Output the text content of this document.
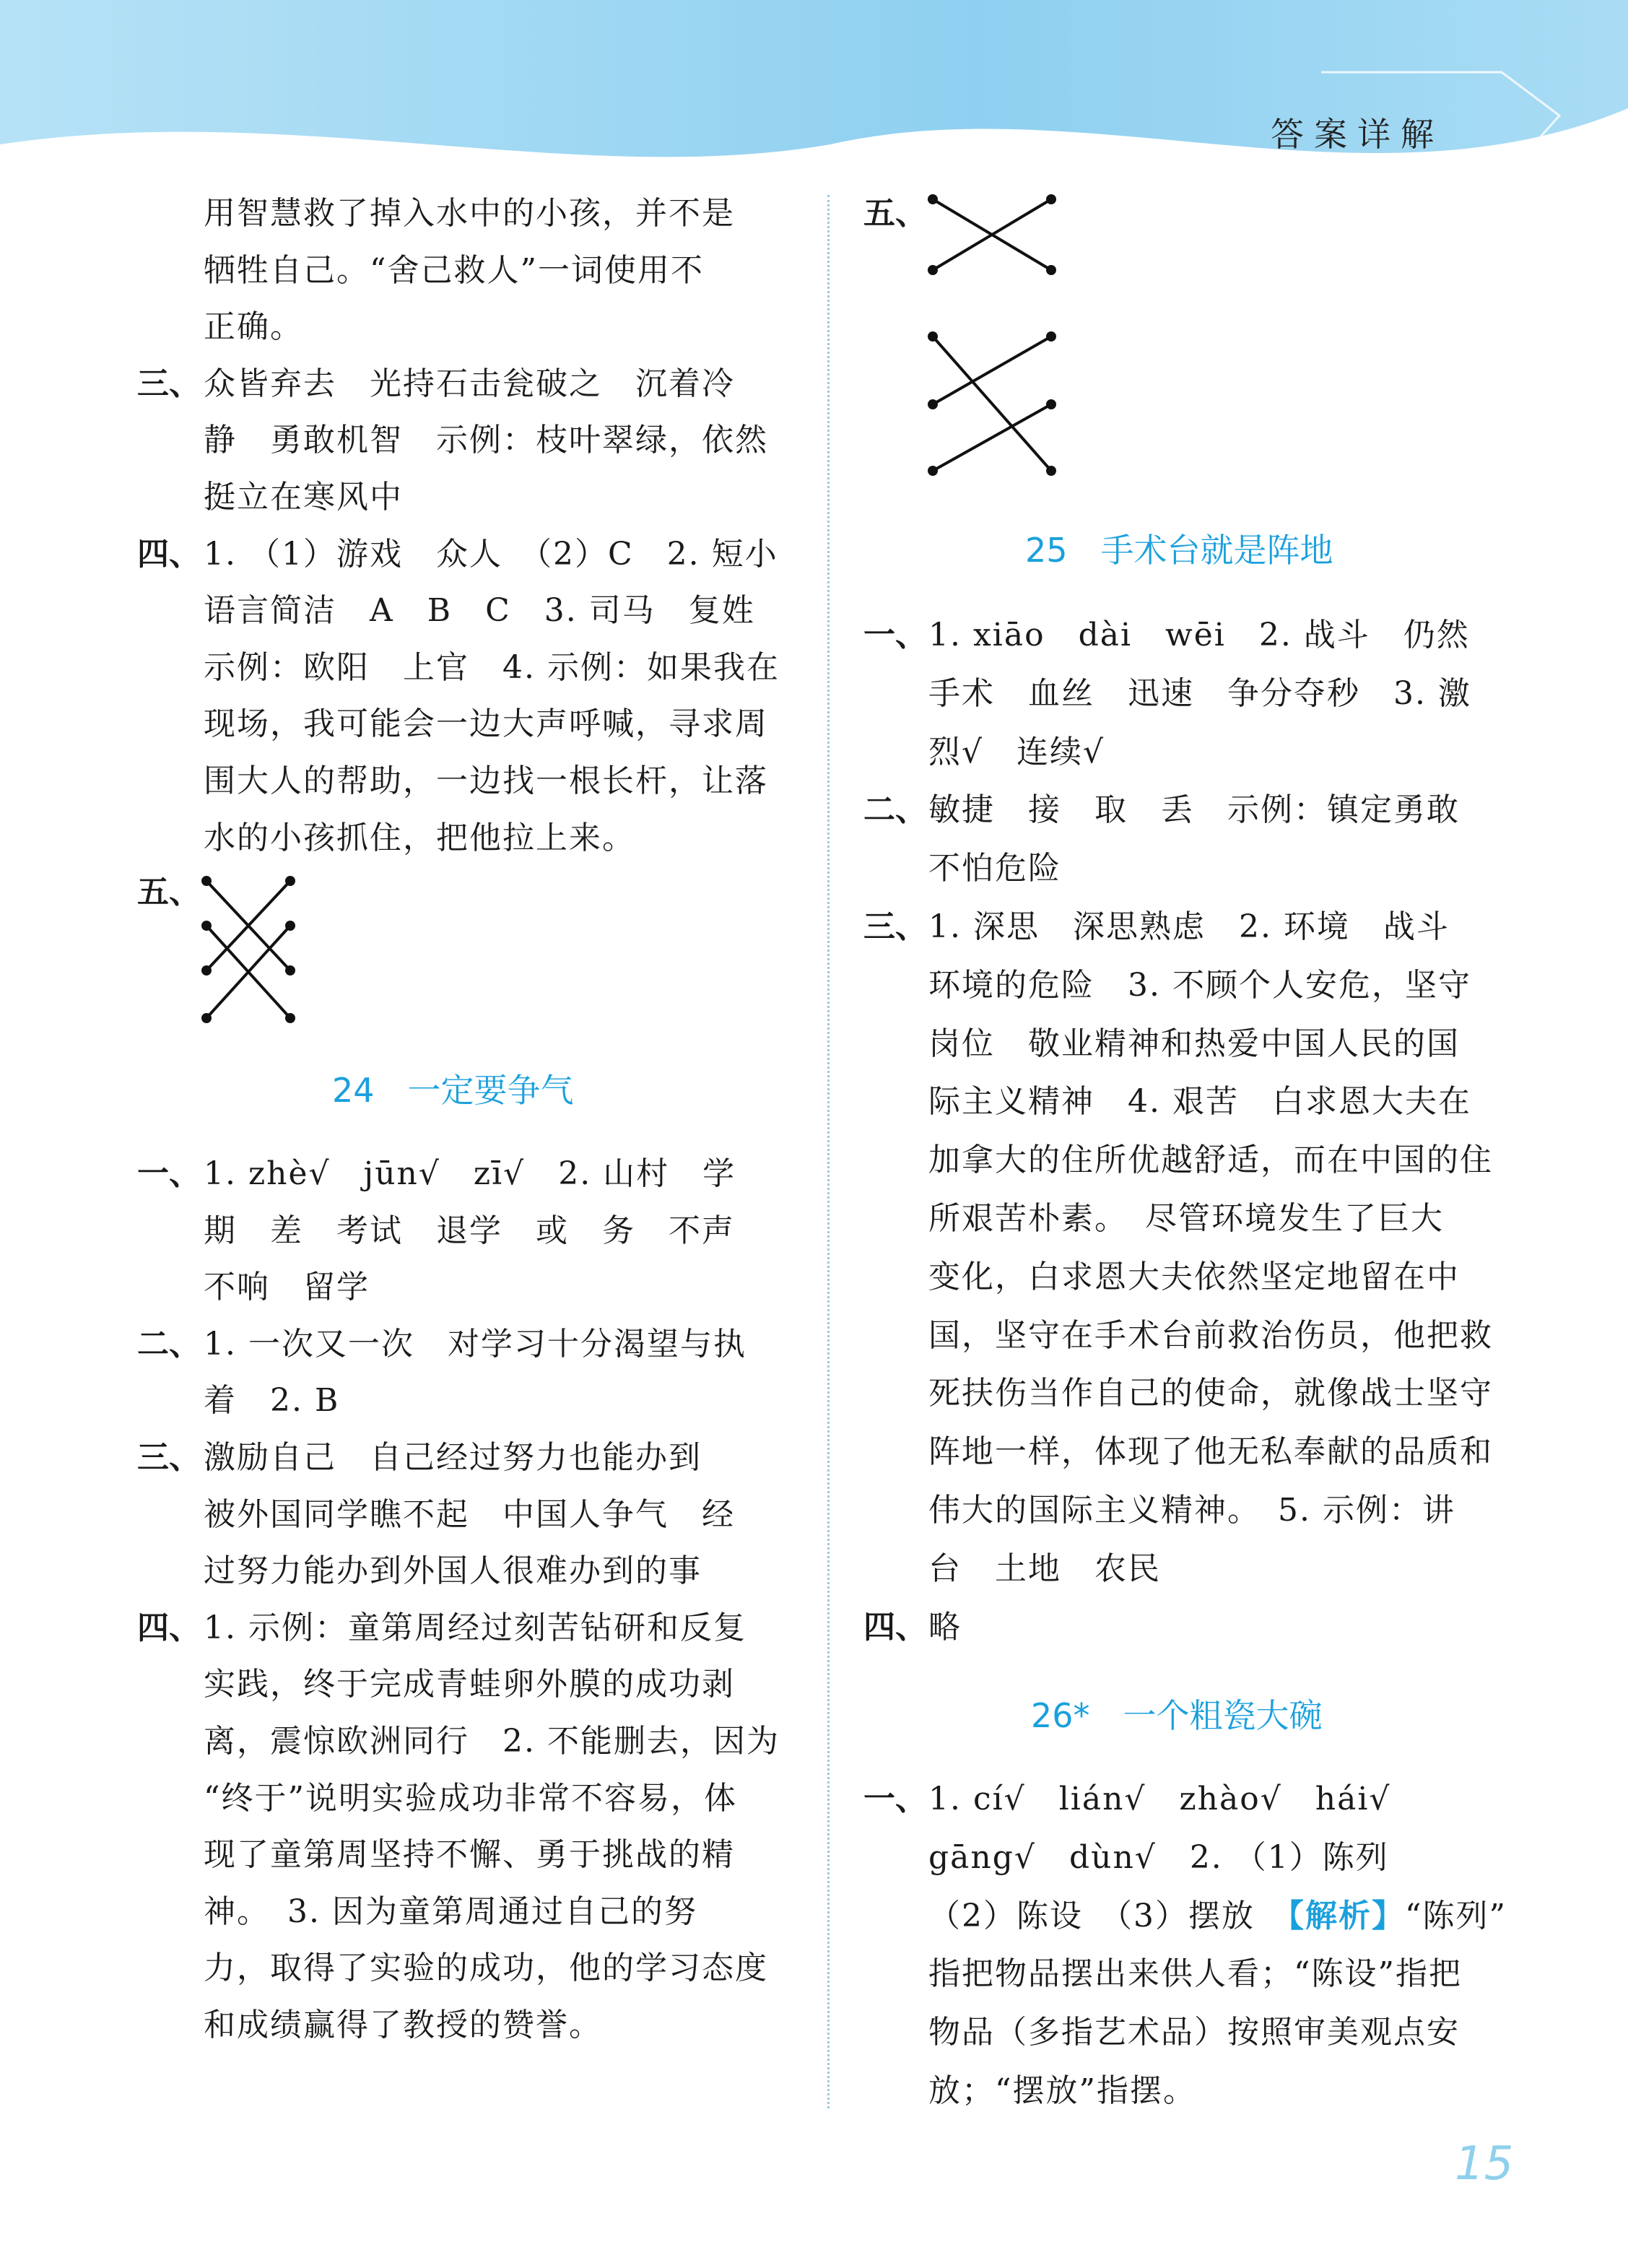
答案详解
用智慧救了掉入水中的小孩，并不是
牺牲自己。“舍己救人”一词使用不
正确。
三、 众皆弃去　光持石击瓮破之　沉着冷
静　勇敢机智　示例：枝叶翠绿，依然
挺立在寒风中
四、 1. （1）游戏　众人　（2）C　2. 短小
语言简洁　A　B　C　3. 司马　复姓
示例：欧阳　上官　4. 示例：如果我在
现场，我可能会一边大声呼喊，寻求周
围大人的帮助，一边找一根长杆，让落
水的小孩抓住，把他拉上来。
五、
24　一定要争气
一、 1. zhè√　jūn√　zī√　2. 山村　学
期　差　考试　退学　或　务　不声
不响　留学
二、 1. 一次又一次　对学习十分渴望与执
着　2. B
三、 激励自己　自己经过努力也能办到
被外国同学瞧不起　中国人争气　经
过努力能办到外国人很难办到的事
四、 1. 示例：童第周经过刻苦钻研和反复
实践，终于完成青蛙卵外膜的成功剥
离，震惊欧洲同行　2. 不能删去，因为
“终于”说明实验成功非常不容易，体
现了童第周坚持不懈、勇于挑战的精
神。　3. 因为童第周通过自己的努
力，取得了实验的成功，他的学习态度
和成绩赢得了教授的赞誉。
五、
25　手术台就是阵地
一、 1. xiāo　dài　wēi　2. 战斗　仍然
手术　血丝　迅速　争分夺秒　3. 激
烈√　连续√
二、 敏捷　接　取　丢　示例：镇定勇敢
不怕危险
三、 1. 深思　深思熟虑　2. 环境　战斗
环境的危险　3. 不顾个人安危，坚守
岗位　敬业精神和热爱中国人民的国
际主义精神　4. 艰苦　白求恩大夫在
加拿大的住所优越舒适，而在中国的住
所艰苦朴素。　尽管环境发生了巨大
变化，白求恩大夫依然坚定地留在中
国，坚守在手术台前救治伤员，他把救
死扶伤当作自己的使命，就像战士坚守
阵地一样，体现了他无私奉献的品质和
伟大的国际主义精神。　5. 示例：讲
台　土地　农民
四、 略
26*　一个粗瓷大碗
一、 1. cí√　lián√　zhào√　hái√
gāng√　dùn√　2. （1）陈列
（2）陈设　（3）摆放　【解析】“陈列”
指把物品摆出来供人看；“陈设”指把
物品（多指艺术品）按照审美观点安
放；“摆放”指摆。
15
